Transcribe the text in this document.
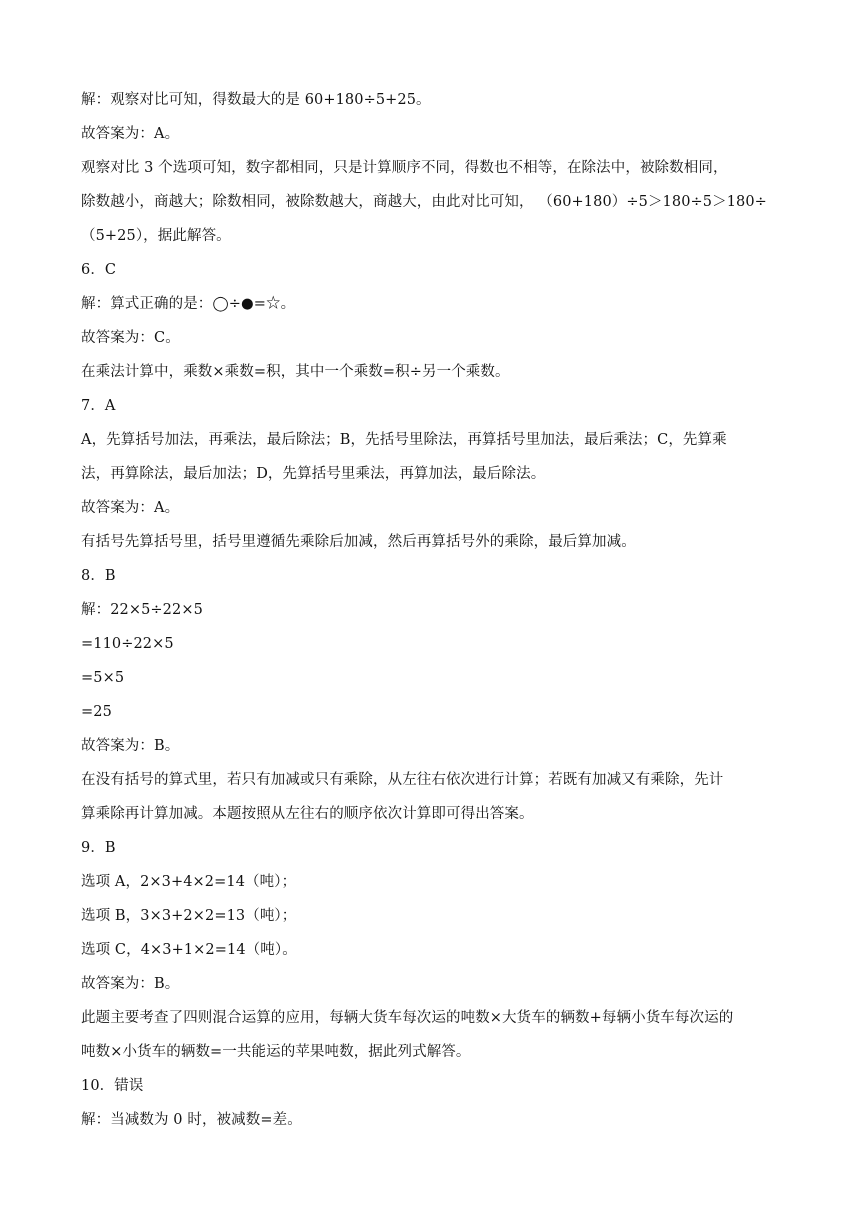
解：观察对比可知，得数最大的是 60+180÷5+25。
故答案为：A。
观察对比 3 个选项可知，数字都相同，只是计算顺序不同，得数也不相等，在除法中，被除数相同，
除数越小，商越大；除数相同，被除数越大，商越大，由此对比可知， （60+180）÷5＞180÷5＞180÷
（5+25），据此解答。
6．C
解：算式正确的是：◯÷●=☆。
故答案为：C。
在乘法计算中，乘数×乘数=积，其中一个乘数=积÷另一个乘数。
7．A
A，先算括号加法，再乘法，最后除法；B，先括号里除法，再算括号里加法，最后乘法；C，先算乘
法，再算除法，最后加法；D，先算括号里乘法，再算加法，最后除法。
故答案为：A。
有括号先算括号里，括号里遵循先乘除后加减，然后再算括号外的乘除，最后算加减。
8．B
解：22×5÷22×5
=110÷22×5
=5×5
=25
故答案为：B。
在没有括号的算式里，若只有加减或只有乘除，从左往右依次进行计算；若既有加减又有乘除，先计
算乘除再计算加减。本题按照从左往右的顺序依次计算即可得出答案。
9．B
选项 A，2×3+4×2=14（吨）；
选项 B，3×3+2×2=13（吨）；
选项 C，4×3+1×2=14（吨）。
故答案为：B。
此题主要考查了四则混合运算的应用，每辆大货车每次运的吨数×大货车的辆数+每辆小货车每次运的
吨数×小货车的辆数=一共能运的苹果吨数，据此列式解答。
10．错误
解：当减数为 0 时，被减数=差。
